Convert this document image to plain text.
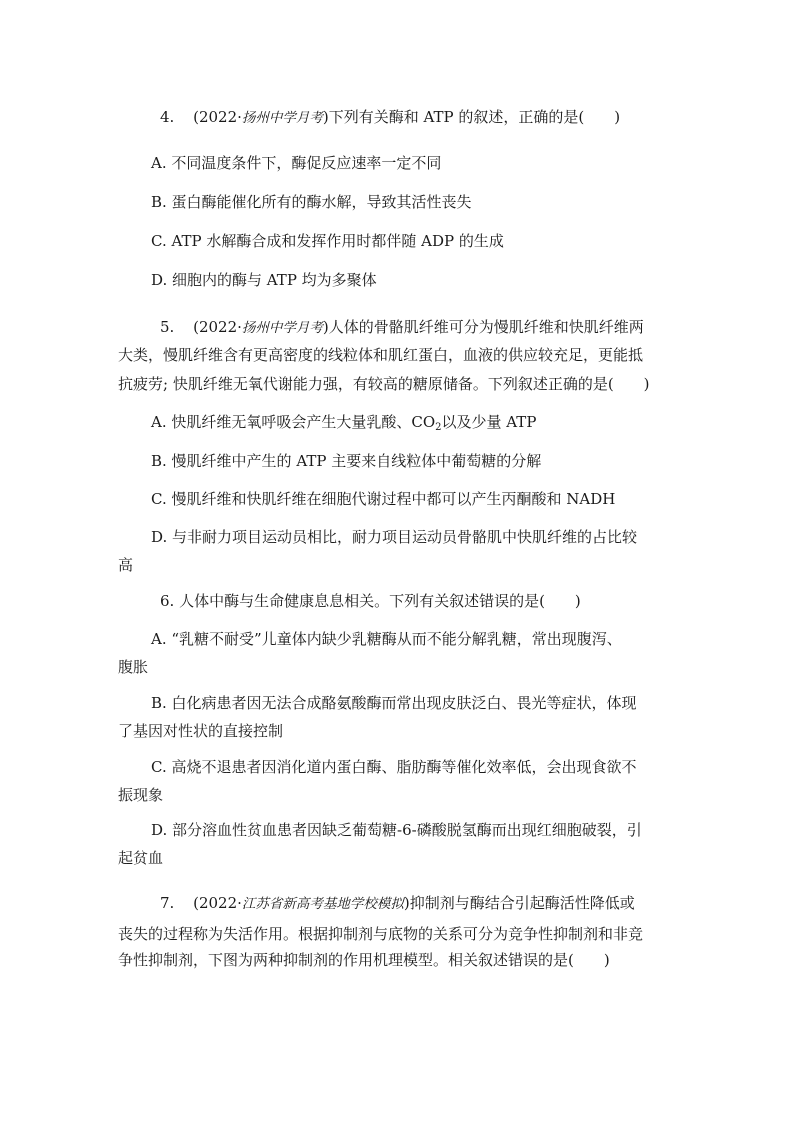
4. (2022·扬州中学月考)下列有关酶和 ATP 的叙述，正确的是(　　)
A. 不同温度条件下，酶促反应速率一定不同
B. 蛋白酶能催化所有的酶水解，导致其活性丧失
C. ATP 水解酶合成和发挥作用时都伴随 ADP 的生成
D. 细胞内的酶与 ATP 均为多聚体
5. (2022·扬州中学月考)人体的骨骼肌纤维可分为慢肌纤维和快肌纤维两
大类，慢肌纤维含有更高密度的线粒体和肌红蛋白，血液的供应较充足，更能抵
抗疲劳; 快肌纤维无氧代谢能力强，有较高的糖原储备。下列叙述正确的是(　　)
A. 快肌纤维无氧呼吸会产生大量乳酸、$CO_2$以及少量 ATP
B. 慢肌纤维中产生的 ATP 主要来自线粒体中葡萄糖的分解
C. 慢肌纤维和快肌纤维在细胞代谢过程中都可以产生丙酮酸和 NADH
D. 与非耐力项目运动员相比，耐力项目运动员骨骼肌中快肌纤维的占比较
高
6. 人体中酶与生命健康息息相关。下列有关叙述错误的是(　　)
A. “乳糖不耐受”儿童体内缺少乳糖酶从而不能分解乳糖，常出现腹泻、
腹胀
B. 白化病患者因无法合成酪氨酸酶而常出现皮肤泛白、畏光等症状，体现
了基因对性状的直接控制
C. 高烧不退患者因消化道内蛋白酶、脂肪酶等催化效率低，会出现食欲不
振现象
D. 部分溶血性贫血患者因缺乏葡萄糖-6-磷酸脱氢酶而出现红细胞破裂，引
起贫血
7. (2022·江苏省新高考基地学校模拟)抑制剂与酶结合引起酶活性降低或
丧失的过程称为失活作用。根据抑制剂与底物的关系可分为竞争性抑制剂和非竞
争性抑制剂，下图为两种抑制剂的作用机理模型。相关叙述错误的是(　　)
